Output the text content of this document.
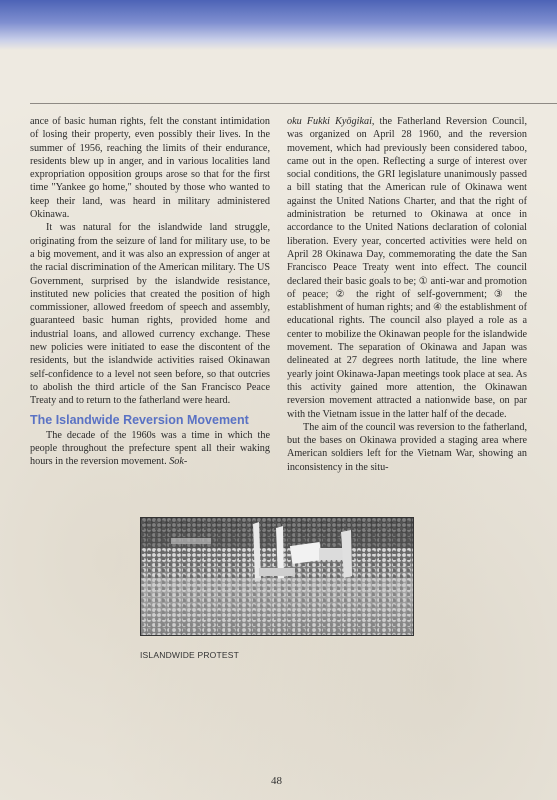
ance of basic human rights, felt the constant intimidation of losing their property, even possibly their lives. In the summer of 1956, reaching the limits of their endurance, residents blew up in anger, and in various localities land expropriation opposition groups arose so that for the first time "Yankee go home," shouted by those who wanted to keep their land, was heard in military administered Okinawa.

It was natural for the islandwide land struggle, originating from the seizure of land for military use, to be a big movement, and it was also an expression of anger at the racial discrimination of the American military. The US Government, surprised by the islandwide resistance, instituted new policies that created the position of high commissioner, allowed freedom of speech and assembly, guaranteed basic human rights, provided home and industrial loans, and allowed currency exchange. These new policies were initiated to ease the discontent of the residents, but the islandwide activities raised Okinawan self-confidence to a level not seen before, so that outcries to abolish the third article of the San Francisco Peace Treaty and to return to the fatherland were heard.

The Islandwide Reversion Movement

The decade of the 1960s was a time in which the people throughout the prefecture spent all their waking hours in the reversion movement. Sok-

oku Fukki Kyōgikai, the Fatherland Reversion Council, was organized on April 28 1960, and the reversion movement, which had previously been considered taboo, came out in the open. Reflecting a surge of interest over social conditions, the GRI legislature unanimously passed a bill stating that the American rule of Okinawa went against the United Nations Charter, and that the right of administration be returned to Okinawa at once in accordance to the United Nations declaration of colonial liberation. Every year, concerted activities were held on April 28 Okinawa Day, commemorating the date the San Francisco Peace Treaty went into effect. The council declared their basic goals to be; ① anti-war and promotion of peace; ② the right of self-government; ③ the establishment of human rights; and ④ the establishment of educational rights. The council also played a role as a center to mobilize the Okinawan people for the islandwide movement. The separation of Okinawa and Japan was delineated at 27 degrees north latitude, the line where yearly joint Okinawa-Japan meetings took place at sea. As this activity gained more attention, the Okinawan reversion movement attracted a nationwide base, on par with the Vietnam issue in the latter half of the decade.

The aim of the council was reversion to the fatherland, but the bases on Okinawa provided a staging area where American soldiers left for the Vietnam War, showing an inconsistency in the situ-

ISLANDWIDE PROTEST
48
